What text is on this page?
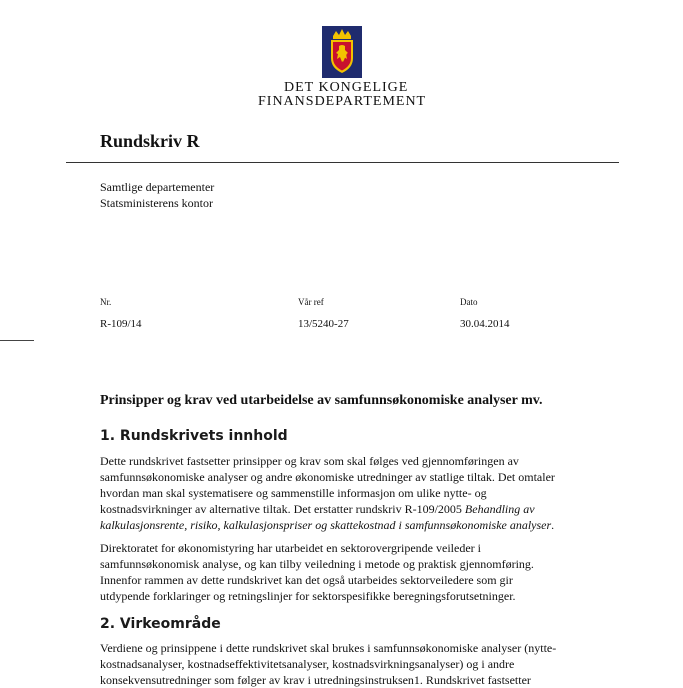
DET KONGELIGE
FINANSDEPARTEMENT
Rundskriv R
Samtlige departementer
Statsministerens kontor
Nr.	Vår ref	Dato
R-109/14	13/5240-27	30.04.2014
Prinsipper og krav ved utarbeidelse av samfunnsøkonomiske analyser mv.
1. Rundskrivets innhold
Dette rundskrivet fastsetter prinsipper og krav som skal følges ved gjennomføringen av
samfunnsøkonomiske analyser og andre økonomiske utredninger av statlige tiltak. Det omtaler
hvordan man skal systematisere og sammenstille informasjon om ulike nytte- og
kostnadsvirkninger av alternative tiltak. Det erstatter rundskriv R-109/2005 Behandling av
kalkulasjonsrente, risiko, kalkulasjonspriser og skattekostnad i samfunnsøkonomiske analyser.
Direktoratet for økonomistyring har utarbeidet en sektorovergripende veileder i
samfunnsøkonomisk analyse, og kan tilby veiledning i metode og praktisk gjennomføring.
Innenfor rammen av dette rundskrivet kan det også utarbeides sektorveiledere som gir
utdypende forklaringer og retningslinjer for sektorspesifikke beregningsforutsetninger.
2. Virkeområde
Verdiene og prinsippene i dette rundskrivet skal brukes i samfunnsøkonomiske analyser (nytte-
kostnadsanalyser, kostnadseffektivitetsanalyser, kostnadsvirkningsanalyser) og i andre
konsekvensutredninger som følger av krav i utredningsinstruksen1. Rundskrivet fastsetter
